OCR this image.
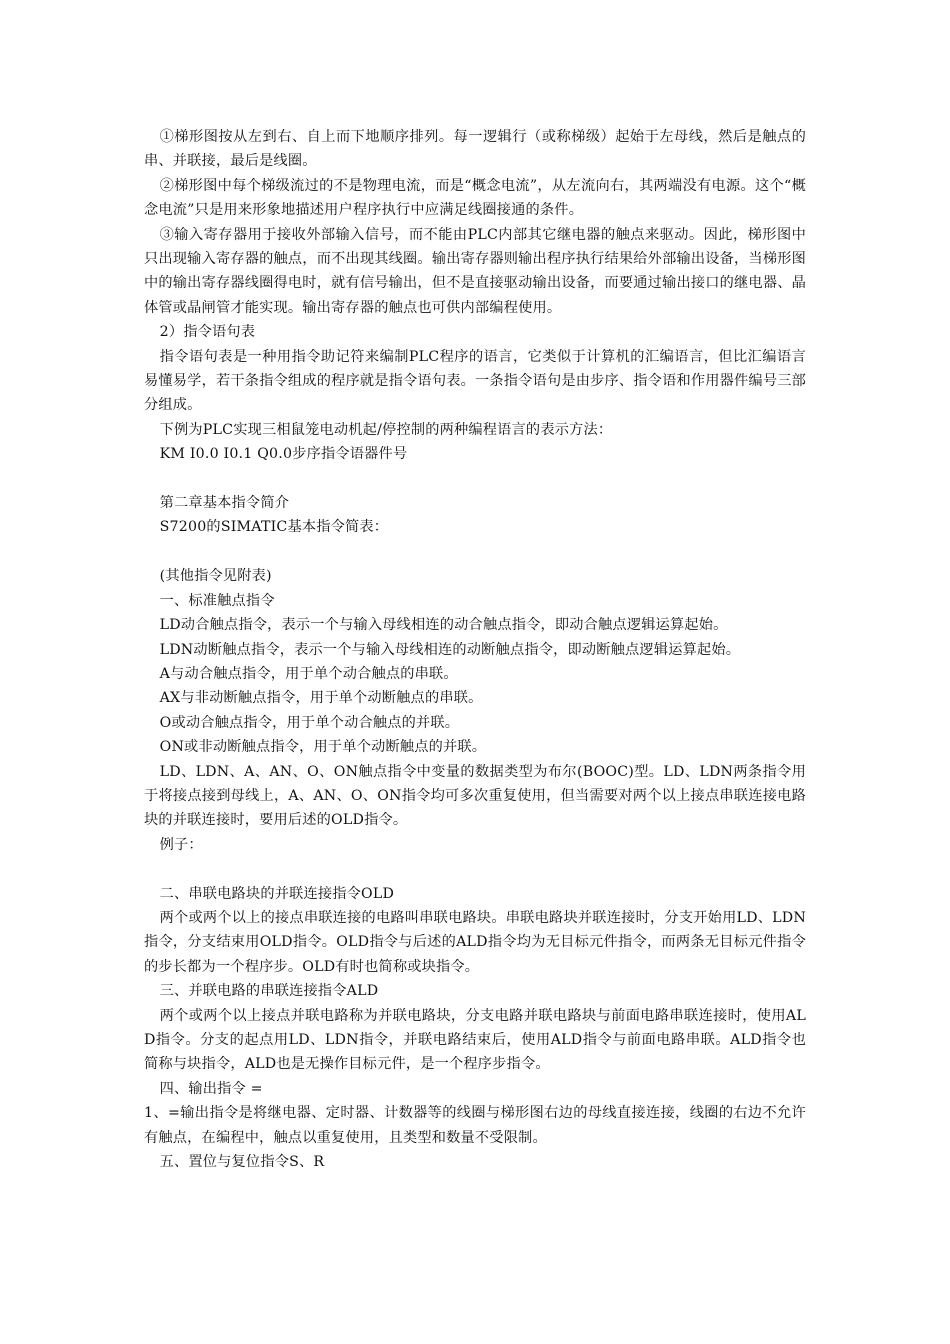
①梯形图按从左到右、自上而下地顺序排列。每一逻辑行（或称梯级）起始于左母线，然后是触点的串、并联接，最后是线圈。

②梯形图中每个梯级流过的不是物理电流，而是“概念电流”，从左流向右，其两端没有电源。这个“概念电流”只是用来形象地描述用户程序执行中应满足线圈接通的条件。

③输入寄存器用于接收外部输入信号，而不能由PLC内部其它继电器的触点来驱动。因此，梯形图中只出现输入寄存器的触点，而不出现其线圈。输出寄存器则输出程序执行结果给外部输出设备，当梯形图中的输出寄存器线圈得电时，就有信号输出，但不是直接驱动输出设备，而要通过输出接口的继电器、晶体管或晶闸管才能实现。输出寄存器的触点也可供内部编程使用。

2）指令语句表

指令语句表是一种用指令助记符来编制PLC程序的语言，它类似于计算机的汇编语言，但比汇编语言易懂易学，若干条指令组成的程序就是指令语句表。一条指令语句是由步序、指令语和作用器件编号三部分组成。

下例为PLC实现三相鼠笼电动机起/停控制的两种编程语言的表示方法：

KM I0.0 I0.1 Q0.0步序指令语器件号

第二章基本指令简介

S7200的SIMATIC基本指令简表：

(其他指令见附表)

一、标准触点指令

LD动合触点指令，表示一个与输入母线相连的动合触点指令，即动合触点逻辑运算起始。

LDN动断触点指令，表示一个与输入母线相连的动断触点指令，即动断触点逻辑运算起始。

A与动合触点指令，用于单个动合触点的串联。

AX与非动断触点指令，用于单个动断触点的串联。

O或动合触点指令，用于单个动合触点的并联。

ON或非动断触点指令，用于单个动断触点的并联。

LD、LDN、A、AN、O、ON触点指令中变量的数据类型为布尔(BOOC)型。LD、LDN两条指令用于将接点接到母线上，A、AN、O、ON指令均可多次重复使用，但当需要对两个以上接点串联连接电路块的并联连接时，要用后述的OLD指令。

例子：

二、串联电路块的并联连接指令OLD

两个或两个以上的接点串联连接的电路叫串联电路块。串联电路块并联连接时，分支开始用LD、LDN指令，分支结束用OLD指令。OLD指令与后述的ALD指令均为无目标元件指令，而两条无目标元件指令的步长都为一个程序步。OLD有时也简称或块指令。

三、并联电路的串联连接指令ALD

两个或两个以上接点并联电路称为并联电路块，分支电路并联电路块与前面电路串联连接时，使用ALD指令。分支的起点用LD、LDN指令，并联电路结束后，使用ALD指令与前面电路串联。ALD指令也简称与块指令，ALD也是无操作目标元件，是一个程序步指令。

四、输出指令 =

1、=输出指令是将继电器、定时器、计数器等的线圈与梯形图右边的母线直接连接，线圈的右边不允许有触点，在编程中，触点以重复使用，且类型和数量不受限制。

五、置位与复位指令S、R
